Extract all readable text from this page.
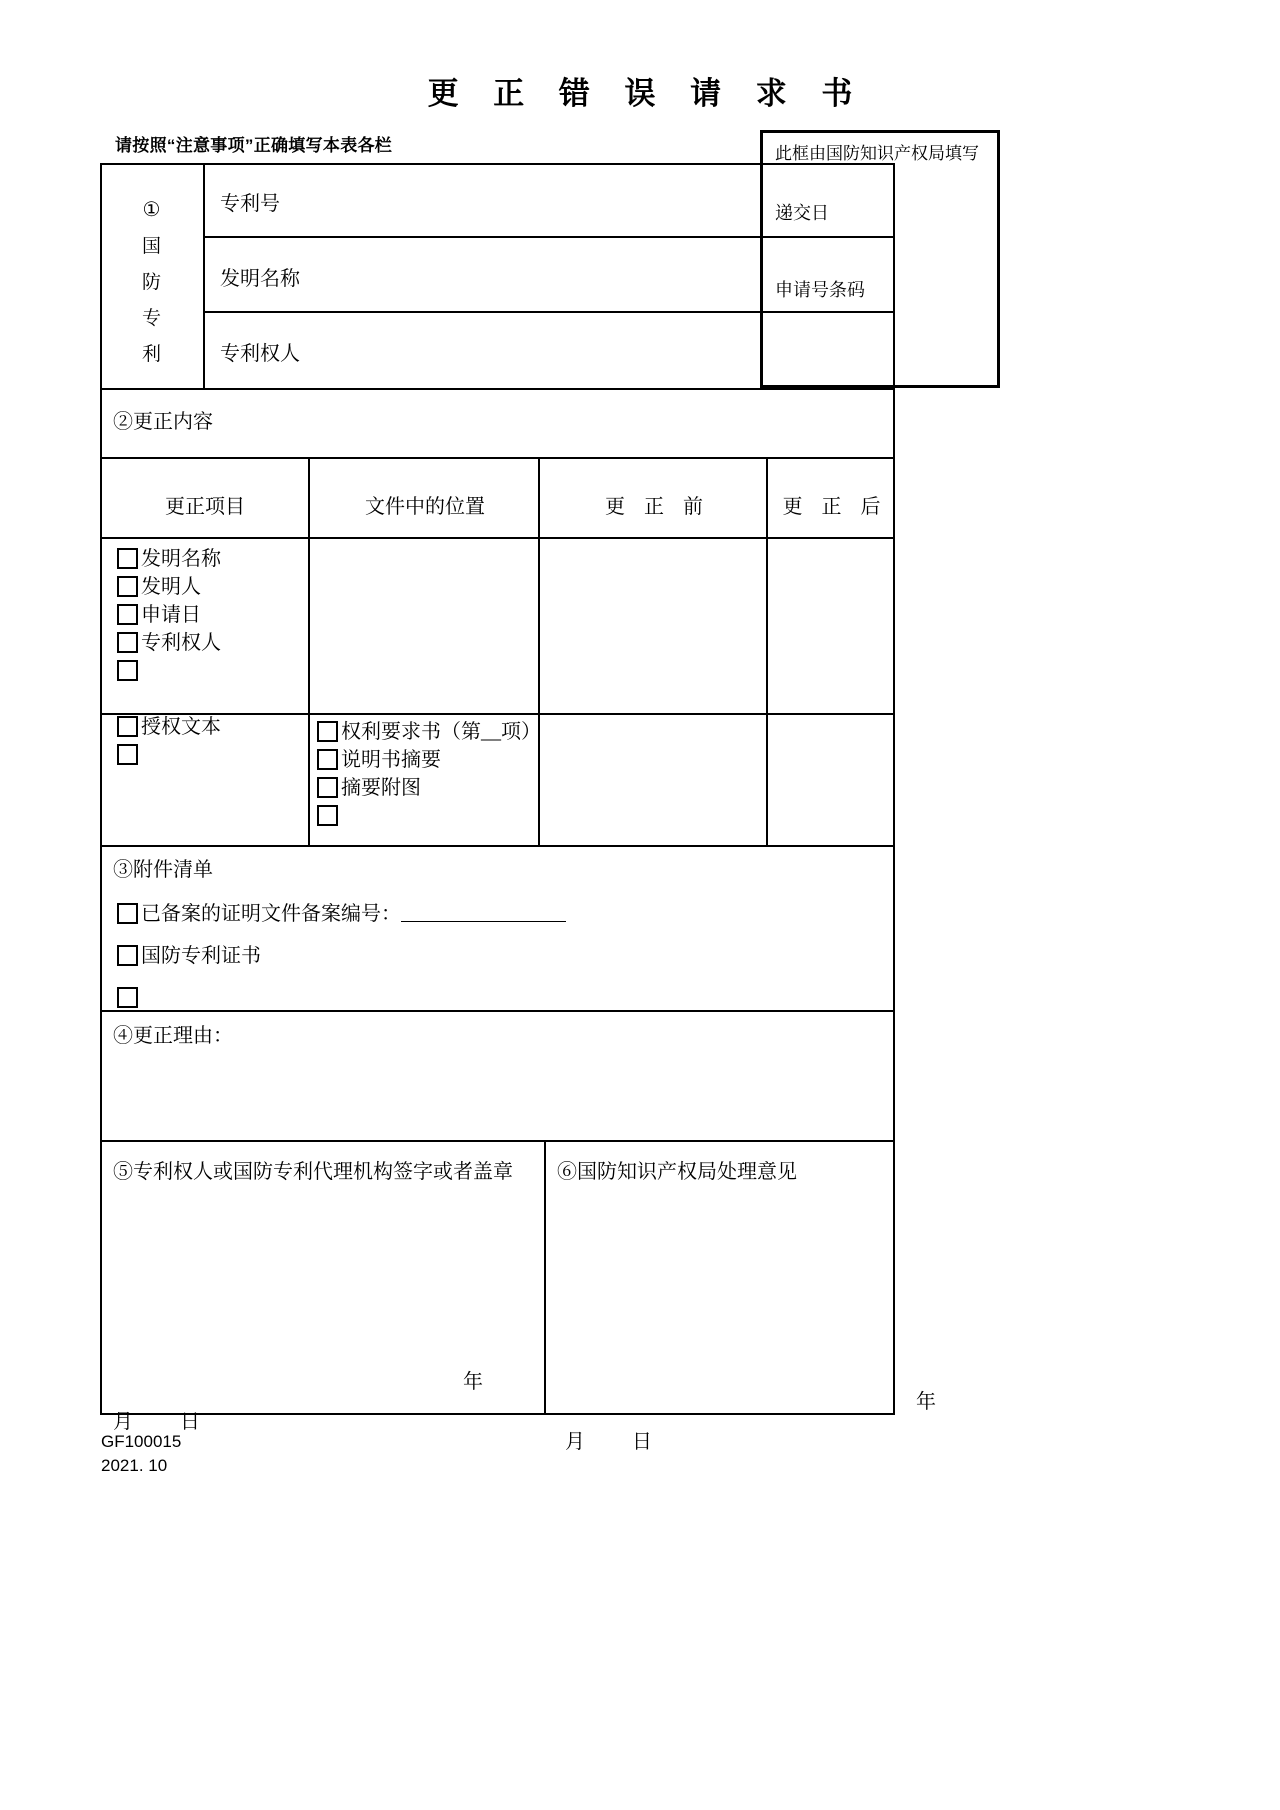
更 正 错 误 请 求 书
请按照“注意事项”正确填写本表各栏	此框由国防知识产权局填写
递交日
申请号条码
①
国
防
专
利
专利号
发明名称
专利权人
②更正内容
更正项目	文件中的位置	更 正 前	更 正 后
发明名称
发明人
申请日
专利权人
授权文本	权利要求书（第__项）
说明书摘要
摘要附图
③附件清单
已备案的证明文件备案编号：
国防专利证书
④更正理由：
⑤专利权人或国防专利代理机构签字或者盖章
年
月 日
⑥国防知识产权局处理意见
年
月 日
GF100015
2021. 10
